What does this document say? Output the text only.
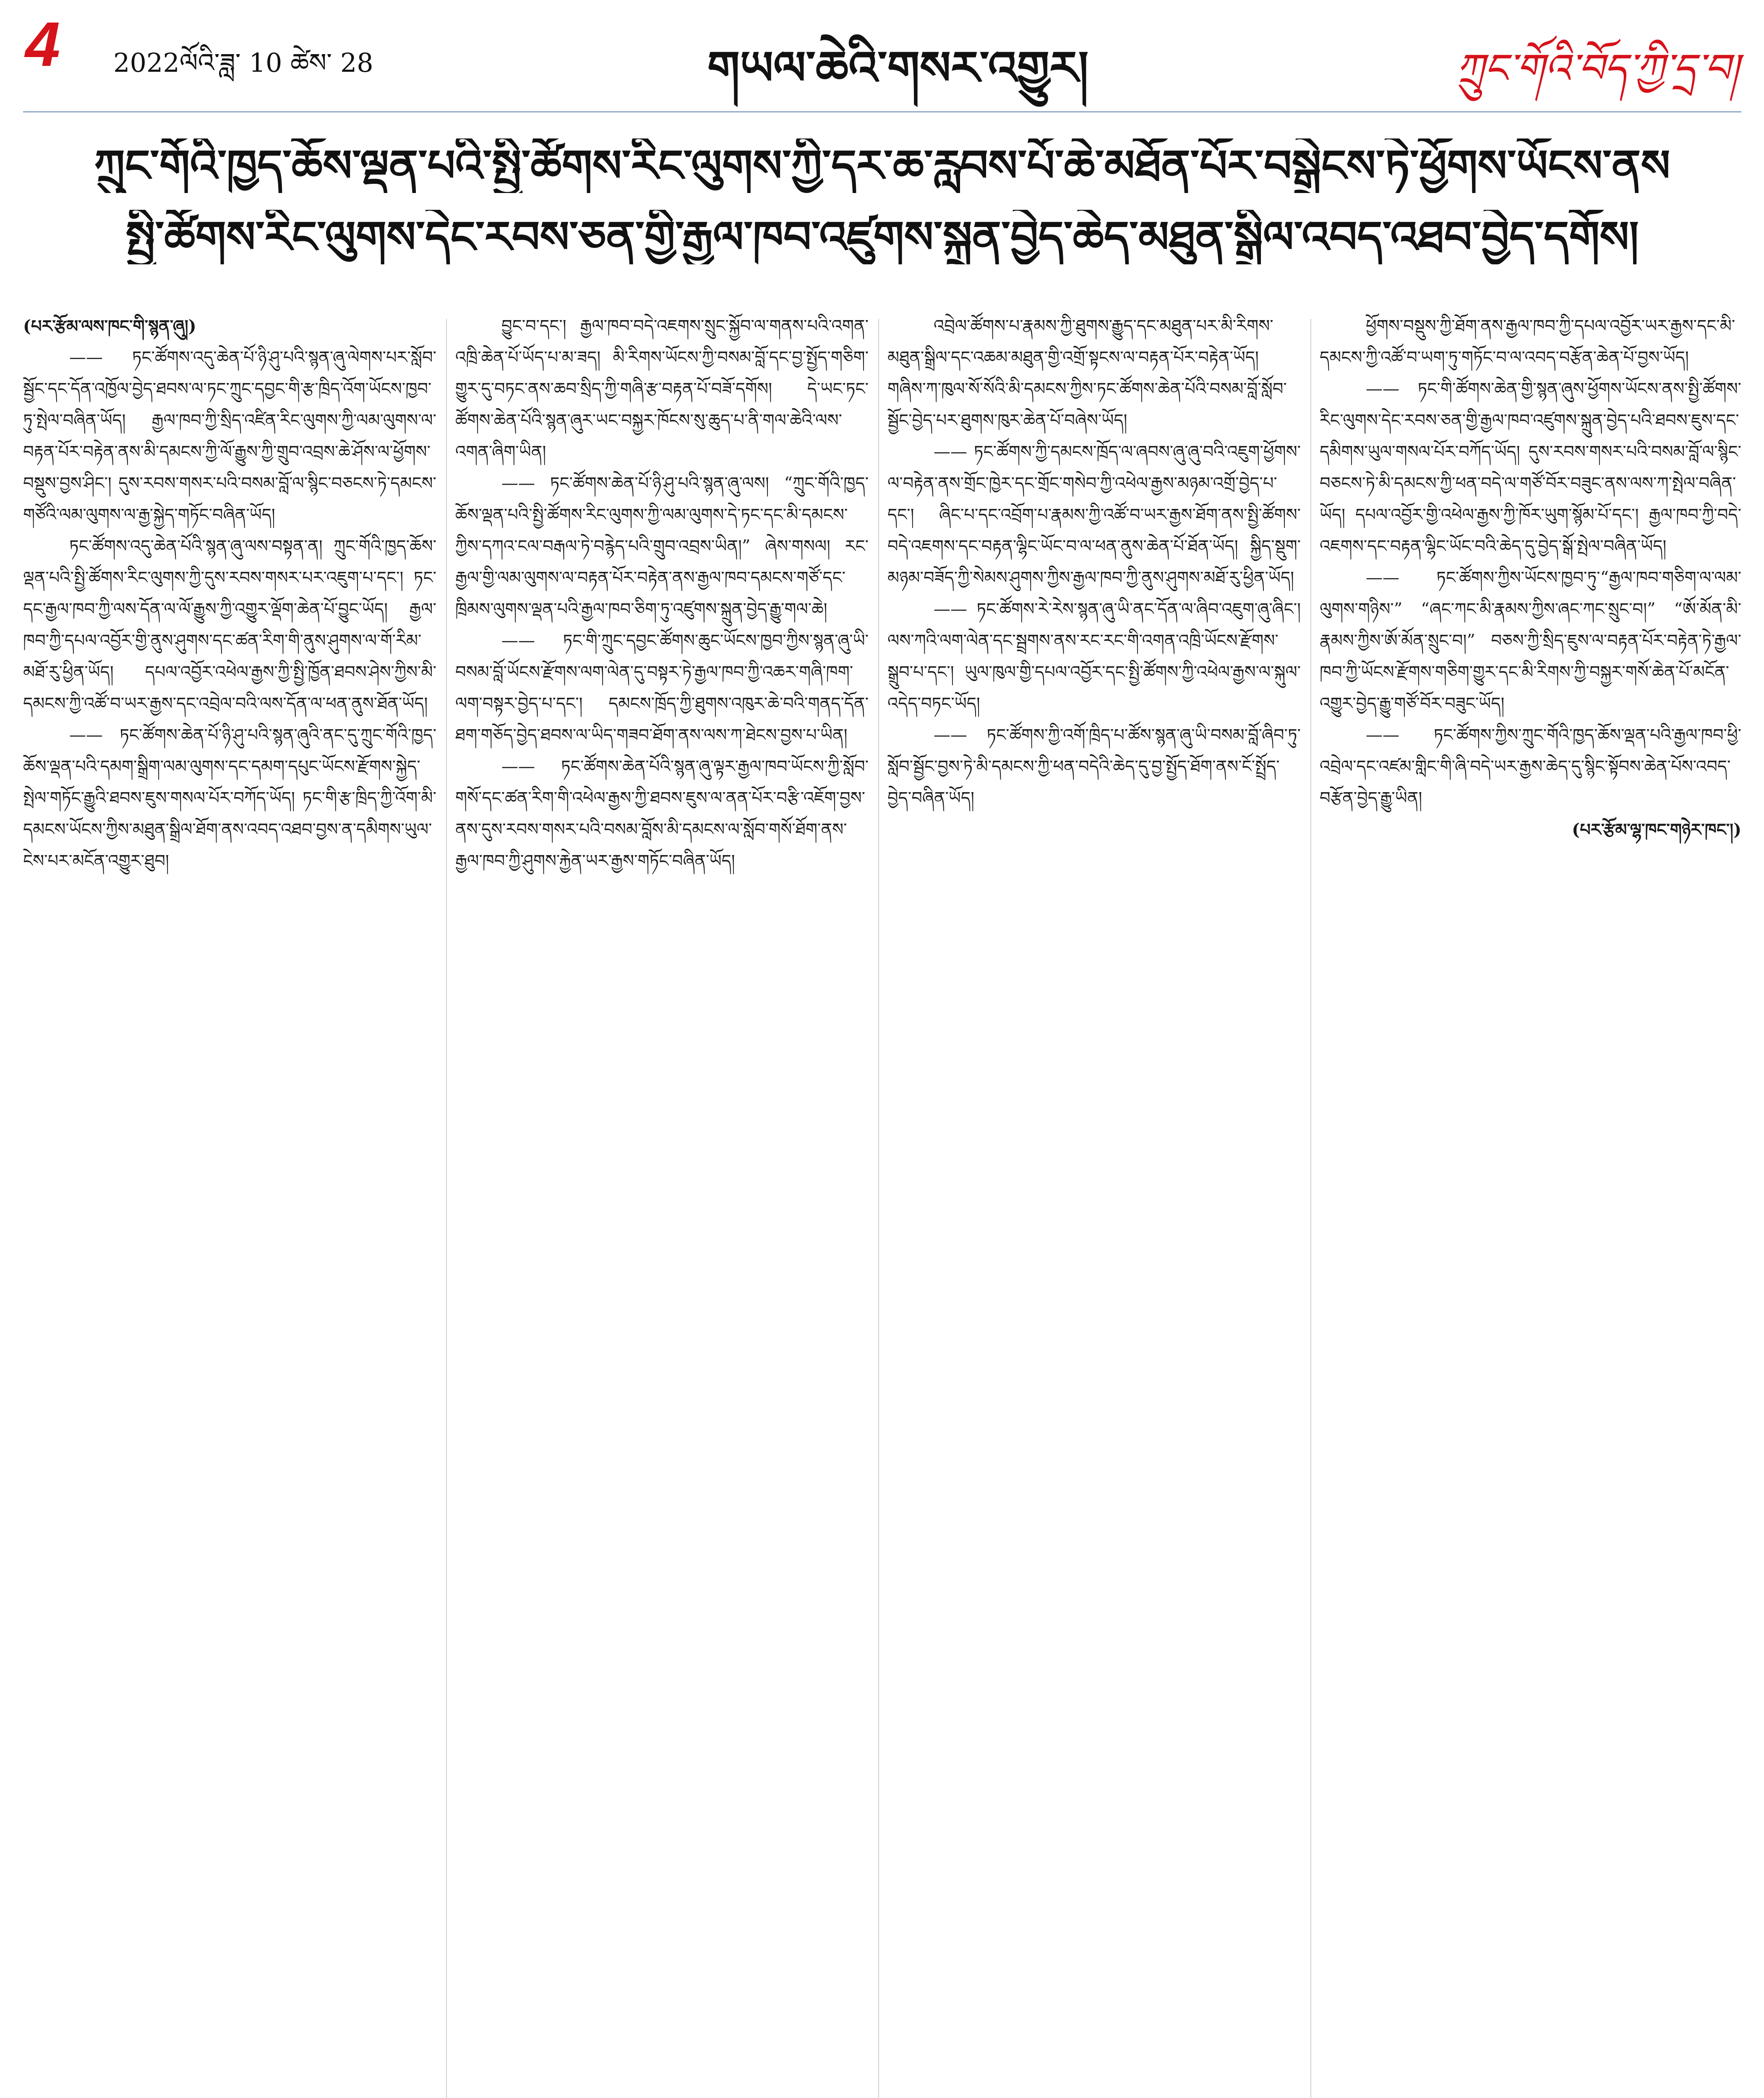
4 2022ལོའི་ཟླ་ 10 ཚེས་ 28	གཡལ་ཆེའི་གསར་འགྱུར།	ཀྲུང་གོའི་བོད་ཀྱི་དྲ་བ།
ཀྲུང་གོའི་ཁྱད་ཆོས་ལྡན་པའི་སྤྱི་ཚོགས་རིང་ལུགས་ཀྱི་དར་ཆ་རླབས་པོ་ཆེ་མཐོན་པོར་བསྒྲེངས་ཏེ་ཕྱོགས་ཡོངས་ནས
སྤྱི་ཚོགས་རིང་ལུགས་དེང་རབས་ཅན་གྱི་རྒྱལ་ཁབ་འཛུགས་སྐྲུན་བྱེད་ཆེད་མཐུན་སྒྲིལ་འབད་འཐབ་བྱེད་དགོས།

(པར་རྩོམ་ལས་ཁང་གི་སྙན་ཞུ།)

—— ཏང་ཚོགས་འདུ་ཆེན་པོ་ཉི་ཤུ་པའི་སྙན་ཞུ་ལེགས་པར་སློབ་སྦྱོང་དང་དོན་འཁྱོལ་བྱེད་ཐབས་ལ་ཏང་ཀྲུང་དབྱང་གི་རྩ་ཁྲིད་འོག་ཡོངས་ཁྱབ་ཏུ་སྤེལ་བཞིན་ཡོད། རྒྱལ་ཁབ་ཀྱི་སྲིད་འཛིན་རིང་ལུགས་ཀྱི་ལམ་ལུགས་ལ་བརྟན་པོར་བརྟེན་ནས་མི་དམངས་ཀྱི་ལོ་རྒྱུས་ཀྱི་གྲུབ་འབྲས་ཆེ་ཤོས་ལ་ཕྱོགས་བསྡུས་བྱས་ཤིང་། དུས་རབས་གསར་པའི་བསམ་བློ་ལ་སྙིང་བཅངས་ཏེ་དམངས་གཙོའི་ལམ་ལུགས་ལ་རྒྱ་སྐྱེད་གཏོང་བཞིན་ཡོད།

ཏང་ཚོགས་འདུ་ཆེན་པོའི་སྙན་ཞུ་ལས་བསྟན་ན། ཀྲུང་གོའི་ཁྱད་ཆོས་ལྡན་པའི་སྤྱི་ཚོགས་རིང་ལུགས་ཀྱི་དུས་རབས་གསར་པར་འཇུག་པ་དང་། ཏང་དང་རྒྱལ་ཁབ་ཀྱི་ལས་དོན་ལ་ལོ་རྒྱུས་ཀྱི་འགྱུར་ལྡོག་ཆེན་པོ་བྱུང་ཡོད། རྒྱལ་ཁབ་ཀྱི་དཔལ་འབྱོར་གྱི་ནུས་ཤུགས་དང་ཚན་རིག་གི་ནུས་ཤུགས་ལ་གོ་རིམ་མཐོ་རུ་ཕྱིན་ཡོད། དཔལ་འབྱོར་འཕེལ་རྒྱས་ཀྱི་སྤྱི་ཁྱོན་ཐབས་ཤེས་ཀྱིས་མི་དམངས་ཀྱི་འཚོ་བ་ཡར་རྒྱས་དང་འབྲེལ་བའི་ལས་དོན་ལ་ཕན་ནུས་ཐོན་ཡོད།

—— ཏང་ཚོགས་ཆེན་པོ་ཉི་ཤུ་པའི་སྙན་ཞུའི་ནང་དུ་ཀྲུང་གོའི་ཁྱད་ཆོས་ལྡན་པའི་དམག་སྒྲིག་ལམ་ལུགས་དང་དམག་དཔུང་ཡོངས་རྫོགས་སྐྱེད་སྤེལ་གཏོང་རྒྱུའི་ཐབས་ཇུས་གསལ་པོར་བཀོད་ཡོད། ཏང་གི་རྩ་ཁྲིད་ཀྱི་འོག་མི་དམངས་ཡོངས་ཀྱིས་མཐུན་སྒྲིལ་ཐོག་ནས་འབད་འཐབ་བྱས་ན་དམིགས་ཡུལ་ངེས་པར་མངོན་འགྱུར་ཐུབ།

བྱུང་བ་དང་། རྒྱལ་ཁབ་བདེ་འཇགས་སྲུང་སྐྱོབ་ལ་གནས་པའི་འགན་འཁྲི་ཆེན་པོ་ཡོད་པ་མ་ཟད། མི་རིགས་ཡོངས་ཀྱི་བསམ་བློ་དང་བྱ་སྤྱོད་གཅིག་གྱུར་དུ་བཏང་ནས་ཆབ་སྲིད་ཀྱི་གཞི་རྩ་བརྟན་པོ་བཟོ་དགོས། དེ་ཡང་ཏང་ཚོགས་ཆེན་པོའི་སྙན་ཞུར་ཡང་བསྐྱར་ཁོངས་སུ་ཆུད་པ་ནི་གལ་ཆེའི་ལས་འགན་ཞིག་ཡིན།

—— ཏང་ཚོགས་ཆེན་པོ་ཉི་ཤུ་པའི་སྙན་ཞུ་ལས། “ཀྲུང་གོའི་ཁྱད་ཆོས་ལྡན་པའི་སྤྱི་ཚོགས་རིང་ལུགས་ཀྱི་ལམ་ལུགས་དེ་ཏང་དང་མི་དམངས་ཀྱིས་དཀའ་ངལ་བརྒལ་ཏེ་བརྙེད་པའི་གྲུབ་འབྲས་ཡིན།” ཞེས་གསལ། རང་རྒྱལ་གྱི་ལམ་ལུགས་ལ་བརྟན་པོར་བརྟེན་ནས་རྒྱལ་ཁབ་དམངས་གཙོ་དང་ཁྲིམས་ལུགས་ལྡན་པའི་རྒྱལ་ཁབ་ཅིག་ཏུ་འཛུགས་སྐྲུན་བྱེད་རྒྱུ་གལ་ཆེ།

—— ཏང་གི་ཀྲུང་དབྱང་ཚོགས་ཆུང་ཡོངས་ཁྱབ་ཀྱིས་སྙན་ཞུ་ཡི་བསམ་བློ་ཡོངས་རྫོགས་ལག་ལེན་དུ་བསྟར་ཏེ་རྒྱལ་ཁབ་ཀྱི་འཆར་གཞི་ཁག་ལག་བསྟར་བྱེད་པ་དང་། དམངས་ཁྲོད་ཀྱི་ཐུགས་འཁུར་ཆེ་བའི་གནད་དོན་ཐག་གཅོད་བྱེད་ཐབས་ལ་ཡིད་གཟབ་ཐོག་ནས་ལས་ཀ་ཐེངས་བྱས་པ་ཡིན།

—— ཏང་ཚོགས་ཆེན་པོའི་སྙན་ཞུ་ལྟར་རྒྱལ་ཁབ་ཡོངས་ཀྱི་སློབ་གསོ་དང་ཚན་རིག་གི་འཕེལ་རྒྱས་ཀྱི་ཐབས་ཇུས་ལ་ནན་པོར་བརྩི་འཇོག་བྱས་ནས་དུས་རབས་གསར་པའི་བསམ་བློས་མི་དམངས་ལ་སློབ་གསོ་ཐོག་ནས་རྒྱལ་ཁབ་ཀྱི་ཤུགས་རྐྱེན་ཡར་རྒྱས་གཏོང་བཞིན་ཡོད།

འབྲེལ་ཚོགས་པ་རྣམས་ཀྱི་ཐུགས་རྒྱུད་དང་མཐུན་པར་མི་རིགས་མཐུན་སྒྲིལ་དང་འཆམ་མཐུན་གྱི་འགྲོ་སྟངས་ལ་བརྟན་པོར་བརྟེན་ཡོད། གཞིས་ཀ་ཁུལ་སོ་སོའི་མི་དམངས་ཀྱིས་ཏང་ཚོགས་ཆེན་པོའི་བསམ་བློ་སློབ་སྦྱོང་བྱེད་པར་ཐུགས་ཁུར་ཆེན་པོ་བཞེས་ཡོད།

—— ཏང་ཚོགས་ཀྱི་དམངས་ཁྲོད་ལ་ཞབས་ཞུ་ཞུ་བའི་འཇུག་ཕྱོགས་ལ་བརྟེན་ནས་གྲོང་ཁྱེར་དང་གྲོང་གསེབ་ཀྱི་འཕེལ་རྒྱས་མཉམ་འགྲོ་བྱེད་པ་དང་། ཞིང་པ་དང་འབྲོག་པ་རྣམས་ཀྱི་འཚོ་བ་ཡར་རྒྱས་ཐོག་ནས་སྤྱི་ཚོགས་བདེ་འཇགས་དང་བརྟན་ལྷིང་ཡོང་བ་ལ་ཕན་ནུས་ཆེན་པོ་ཐོན་ཡོད། སྐྱིད་སྡུག་མཉམ་བཟོད་ཀྱི་སེམས་ཤུགས་ཀྱིས་རྒྱལ་ཁབ་ཀྱི་ནུས་ཤུགས་མཐོ་རུ་ཕྱིན་ཡོད།

—— ཏང་ཚོགས་རེ་རེས་སྙན་ཞུ་ཡི་ནང་དོན་ལ་ཞིབ་འཇུག་ཞུ་ཞིང་། ལས་ཀའི་ལག་ལེན་དང་སྦྲགས་ནས་རང་རང་གི་འགན་འཁྲི་ཡོངས་རྫོགས་སྒྲུབ་པ་དང་། ཡུལ་ཁུལ་གྱི་དཔལ་འབྱོར་དང་སྤྱི་ཚོགས་ཀྱི་འཕེལ་རྒྱས་ལ་སྐུལ་འདེད་བཏང་ཡོད།

—— ཏང་ཚོགས་ཀྱི་འགོ་ཁྲིད་པ་ཚོས་སྙན་ཞུ་ཡི་བསམ་བློ་ཞིབ་ཏུ་སློབ་སྦྱོང་བྱས་ཏེ་མི་དམངས་ཀྱི་ཕན་བདེའི་ཆེད་དུ་བྱ་སྤྱོད་ཐོག་ནས་ངོ་སྤྲོད་བྱེད་བཞིན་ཡོད།

ཕྱོགས་བསྡུས་ཀྱི་ཐོག་ནས་རྒྱལ་ཁབ་ཀྱི་དཔལ་འབྱོར་ཡར་རྒྱས་དང་མི་དམངས་ཀྱི་འཚོ་བ་ཡག་ཏུ་གཏོང་བ་ལ་འབད་བརྩོན་ཆེན་པོ་བྱས་ཡོད།

—— ཏང་གི་ཚོགས་ཆེན་གྱི་སྙན་ཞུས་ཕྱོགས་ཡོངས་ནས་སྤྱི་ཚོགས་རིང་ལུགས་དེང་རབས་ཅན་གྱི་རྒྱལ་ཁབ་འཛུགས་སྐྲུན་བྱེད་པའི་ཐབས་ཇུས་དང་དམིགས་ཡུལ་གསལ་པོར་བཀོད་ཡོད། དུས་རབས་གསར་པའི་བསམ་བློ་ལ་སྙིང་བཅངས་ཏེ་མི་དམངས་ཀྱི་ཕན་བདེ་ལ་གཙོ་བོར་བཟུང་ནས་ལས་ཀ་སྤེལ་བཞིན་ཡོད། དཔལ་འབྱོར་གྱི་འཕེལ་རྒྱས་ཀྱི་ཁོར་ཡུག་སྙོམ་པོ་དང་། རྒྱལ་ཁབ་ཀྱི་བདེ་འཇགས་དང་བརྟན་ལྷིང་ཡོང་བའི་ཆེད་དུ་བྱེད་སྒོ་སྤེལ་བཞིན་ཡོད།

—— ཏང་ཚོགས་ཀྱིས་ཡོངས་ཁྱབ་ཏུ་“རྒྱལ་ཁབ་གཅིག་ལ་ལམ་ལུགས་གཉིས་” “ཞང་ཀང་མི་རྣམས་ཀྱིས་ཞང་ཀང་སྲུང་བ།” “ཨོ་མོན་མི་རྣམས་ཀྱིས་ཨོ་མོན་སྲུང་བ།” བཅས་ཀྱི་སྲིད་ཇུས་ལ་བརྟན་པོར་བརྟེན་ཏེ་རྒྱལ་ཁབ་ཀྱི་ཡོངས་རྫོགས་གཅིག་གྱུར་དང་མི་རིགས་ཀྱི་བསྐྱར་གསོ་ཆེན་པོ་མངོན་འགྱུར་བྱེད་རྒྱུ་གཙོ་བོར་བཟུང་ཡོད།

—— ཏང་ཚོགས་ཀྱིས་ཀྲུང་གོའི་ཁྱད་ཆོས་ལྡན་པའི་རྒྱལ་ཁབ་ཕྱི་འབྲེལ་དང་འཛམ་གླིང་གི་ཞི་བདེ་ཡར་རྒྱས་ཆེད་དུ་སྙིང་སྟོབས་ཆེན་པོས་འབད་བརྩོན་བྱེད་རྒྱུ་ཡིན།

(པར་རྩོམ་ལྷ་ཁང་གཉེར་ཁང་།)
